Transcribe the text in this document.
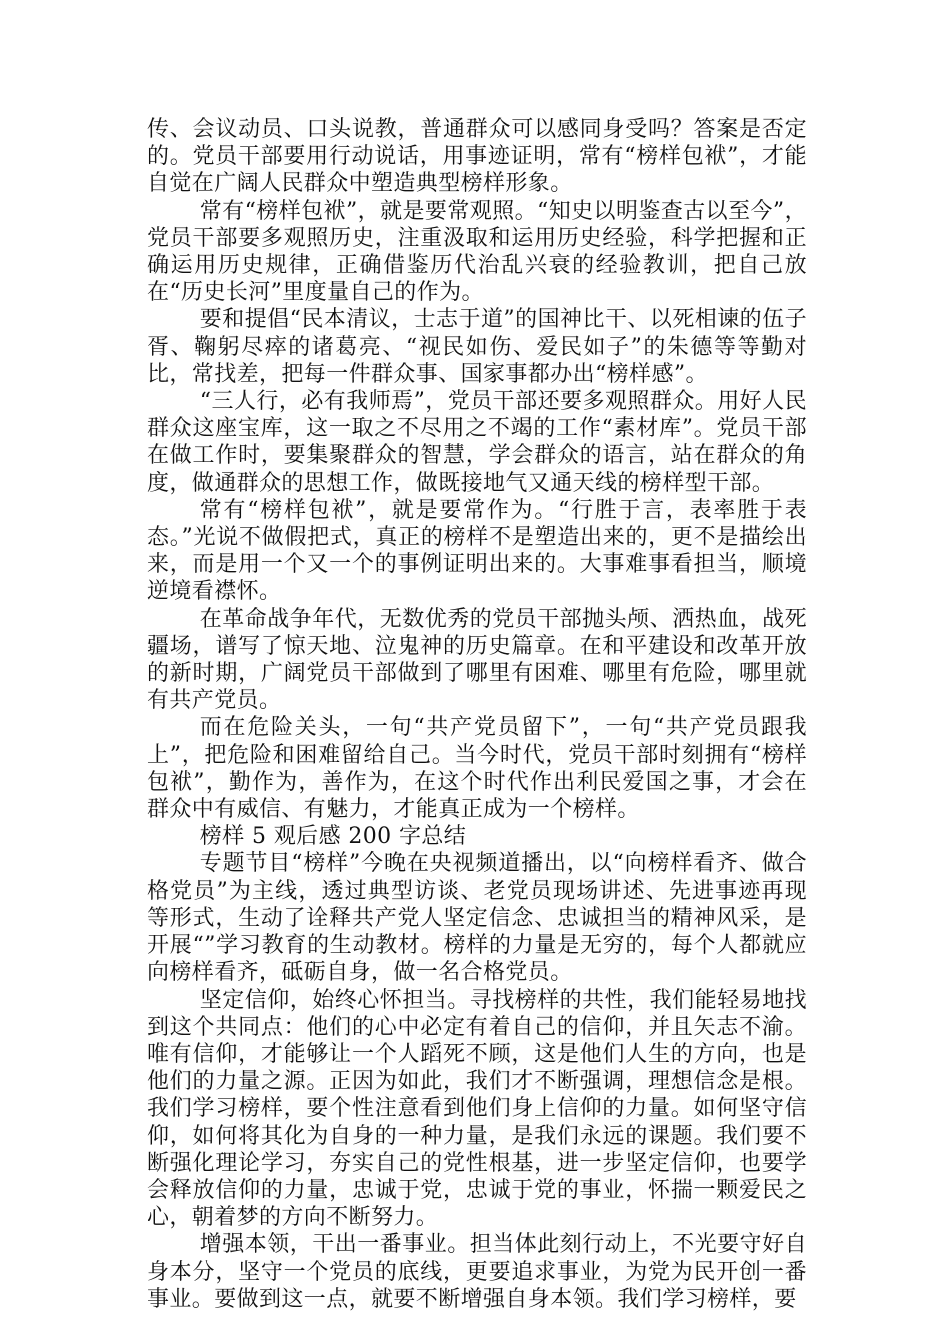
传、会议动员、口头说教，普通群众可以感同身受吗？答案是否定的。党员干部要用行动说话，用事迹证明，常有“榜样包袱”，才能自觉在广阔人民群众中塑造典型榜样形象。

常有“榜样包袱”，就是要常观照。“知史以明鉴查古以至今”，党员干部要多观照历史，注重汲取和运用历史经验，科学把握和正确运用历史规律，正确借鉴历代治乱兴衰的经验教训，把自己放在“历史长河”里度量自己的作为。

要和提倡“民本清议，士志于道”的国神比干、以死相谏的伍子胥、鞠躬尽瘁的诸葛亮、“视民如伤、爱民如子”的朱德等等勤对比，常找差，把每一件群众事、国家事都办出“榜样感”。

“三人行，必有我师焉”，党员干部还要多观照群众。用好人民群众这座宝库，这一取之不尽用之不竭的工作“素材库”。党员干部在做工作时，要集聚群众的智慧，学会群众的语言，站在群众的角度，做通群众的思想工作，做既接地气又通天线的榜样型干部。

常有“榜样包袱”，就是要常作为。“行胜于言，表率胜于表态。”光说不做假把式，真正的榜样不是塑造出来的，更不是描绘出来，而是用一个又一个的事例证明出来的。大事难事看担当，顺境逆境看襟怀。

在革命战争年代，无数优秀的党员干部抛头颅、洒热血，战死疆场，谱写了惊天地、泣鬼神的历史篇章。在和平建设和改革开放的新时期，广阔党员干部做到了哪里有困难、哪里有危险，哪里就有共产党员。

而在危险关头，一句“共产党员留下”，一句“共产党员跟我上”，把危险和困难留给自己。当今时代，党员干部时刻拥有“榜样包袱”，勤作为，善作为，在这个时代作出利民爱国之事，才会在群众中有威信、有魅力，才能真正成为一个榜样。

榜样 5 观后感 200 字总结

专题节目“榜样”今晚在央视频道播出，以“向榜样看齐、做合格党员”为主线，透过典型访谈、老党员现场讲述、先进事迹再现等形式，生动了诠释共产党人坚定信念、忠诚担当的精神风采，是开展“”学习教育的生动教材。榜样的力量是无穷的，每个人都就应向榜样看齐，砥砺自身，做一名合格党员。

坚定信仰，始终心怀担当。寻找榜样的共性，我们能轻易地找到这个共同点：他们的心中必定有着自己的信仰，并且矢志不渝。唯有信仰，才能够让一个人蹈死不顾，这是他们人生的方向，也是他们的力量之源。正因为如此，我们才不断强调，理想信念是根。我们学习榜样，要个性注意看到他们身上信仰的力量。如何坚守信仰，如何将其化为自身的一种力量，是我们永远的课题。我们要不断强化理论学习，夯实自己的党性根基，进一步坚定信仰，也要学会释放信仰的力量，忠诚于党，忠诚于党的事业，怀揣一颗爱民之心，朝着梦的方向不断努力。

增强本领，干出一番事业。担当体此刻行动上，不光要守好自身本分，坚守一个党员的底线，更要追求事业，为党为民开创一番事业。要做到这一点，就要不断增强自身本领。我们学习榜样，要
